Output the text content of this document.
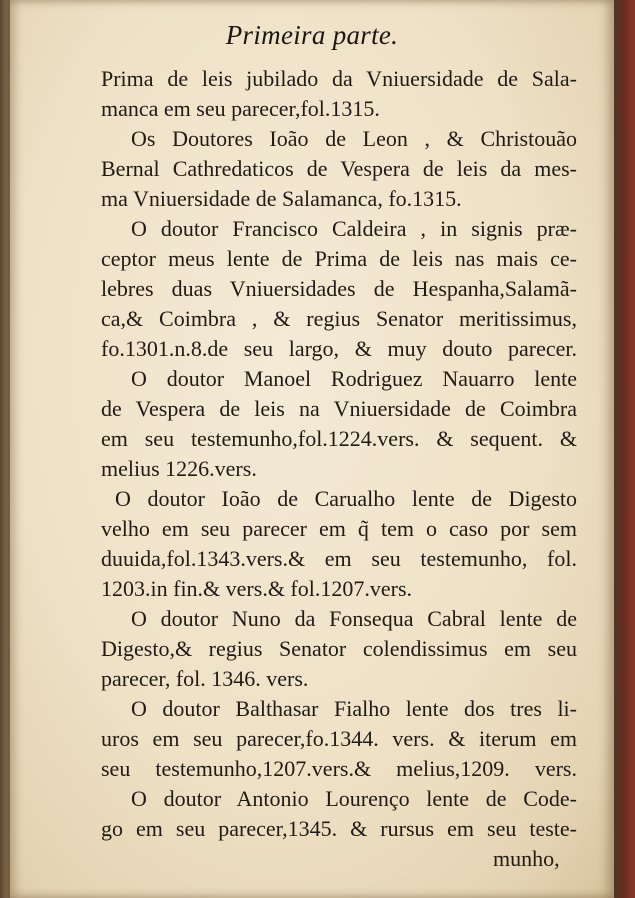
Primeira parte.
Prima de leis jubilado da Vniuersidade de Sala-
manca em seu parecer,fol.1315.
Os Doutores Ioão de Leon , & Christouão
Bernal Cathredaticos de Vespera de leis da mes-
ma Vniuersidade de Salamanca, fo.1315.
O doutor Francisco Caldeira , in signis præ-
ceptor meus lente de Prima de leis nas mais ce-
lebres duas Vniuersidades de Hespanha,Salamã-
ca,& Coimbra , & regius Senator meritissimus,
fo.1301.n.8.de seu largo, & muy douto parecer.
O doutor Manoel Rodriguez Nauarro lente
de Vespera de leis na Vniuersidade de Coimbra
em seu testemunho,fol.1224.vers. & sequent. &
melius 1226.vers.
O doutor Ioão de Carualho lente de Digesto
velho em seu parecer em q̃ tem o caso por sem
duuida,fol.1343.vers.& em seu testemunho, fol.
1203.in fin.& vers.& fol.1207.vers.
O doutor Nuno da Fonsequa Cabral lente de
Digesto,& regius Senator colendissimus em seu
parecer, fol. 1346. vers.
O doutor Balthasar Fialho lente dos tres li-
uros em seu parecer,fo.1344. vers. & iterum em
seu testemunho,1207.vers.& melius,1209. vers.
O doutor Antonio Lourenço lente de Code-
go em seu parecer,1345. & rursus em seu teste-
munho,
